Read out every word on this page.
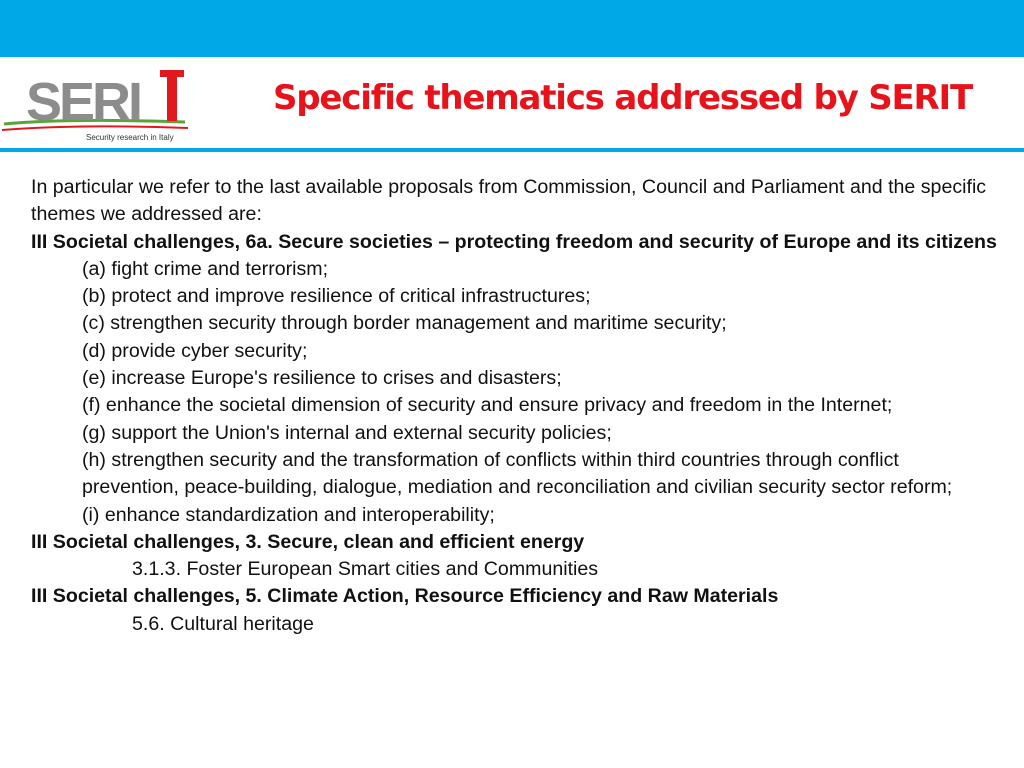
SERI
Security research in Italy
Specific thematics addressed by SERIT

In particular we refer to the last available proposals from Commission, Council and Parliament and the specific themes we addressed are:

III Societal challenges, 6a. Secure societies – protecting freedom and security of Europe and its citizens

(a) fight crime and terrorism;
(b) protect and improve resilience of critical infrastructures;
(c) strengthen security through border management and maritime security;
(d) provide cyber security;
(e) increase Europe's resilience to crises and disasters;
(f) enhance the societal dimension of security and ensure privacy and freedom in the Internet;
(g) support the Union's internal and external security policies;
(h) strengthen security and the transformation of conflicts within third countries through conflict prevention, peace-building, dialogue, mediation and reconciliation and civilian security sector reform;
(i) enhance standardization and interoperability;

III Societal challenges, 3. Secure, clean and efficient energy

3.1.3. Foster European Smart cities and Communities

III Societal challenges, 5. Climate Action, Resource Efficiency and Raw Materials

5.6. Cultural heritage
